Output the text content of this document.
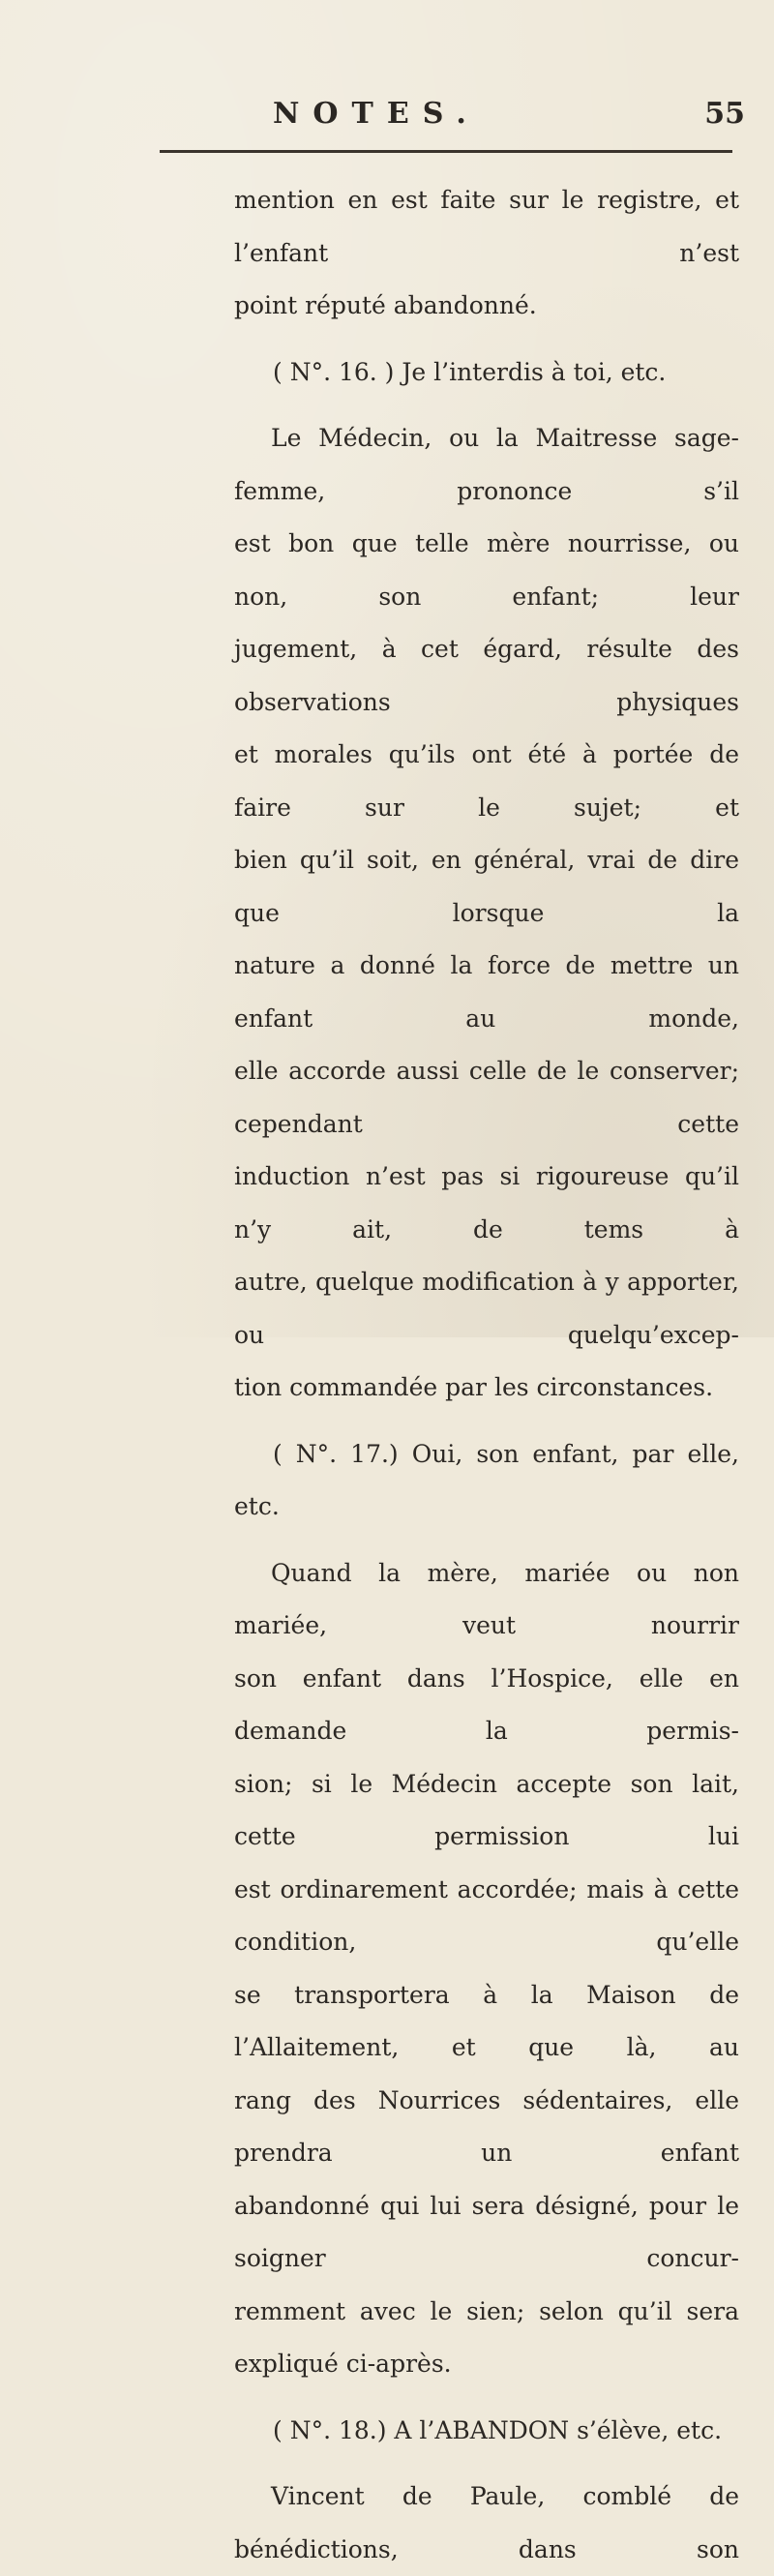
NOTES.	55

mention en est faite sur le registre, et l’enfant n’est

point réputé abandonné.

( N°. 16. ) Je l’interdis à toi, etc.

Le Médecin, ou la Maitresse sage-femme, prononce s’il

est bon que telle mère nourrisse, ou non, son enfant; leur

jugement, à cet égard, résulte des observations physiques

et morales qu’ils ont été à portée de faire sur le sujet; et

bien qu’il soit, en général, vrai de dire que lorsque la

nature a donné la force de mettre un enfant au monde,

elle accorde aussi celle de le conserver; cependant cette

induction n’est pas si rigoureuse qu’il n’y ait, de tems à

autre, quelque modification à y apporter, ou quelqu’excep-

tion commandée par les circonstances.

( N°. 17.) Oui, son enfant, par elle, etc.

Quand la mère, mariée ou non mariée, veut nourrir

son enfant dans l’Hospice, elle en demande la permis-

sion; si le Médecin accepte son lait, cette permission lui

est ordinarement accordée; mais à cette condition, qu’elle

se transportera à la Maison de l’Allaitement, et que là, au

rang des Nourrices sédentaires, elle prendra un enfant

abandonné qui lui sera désigné, pour le soigner concur-

remment avec le sien; selon qu’il sera expliqué ci-après.

( N°. 18.) A l’ABANDON s’élève, etc.

Vincent de Paule, comblé de bénédictions, dans son
